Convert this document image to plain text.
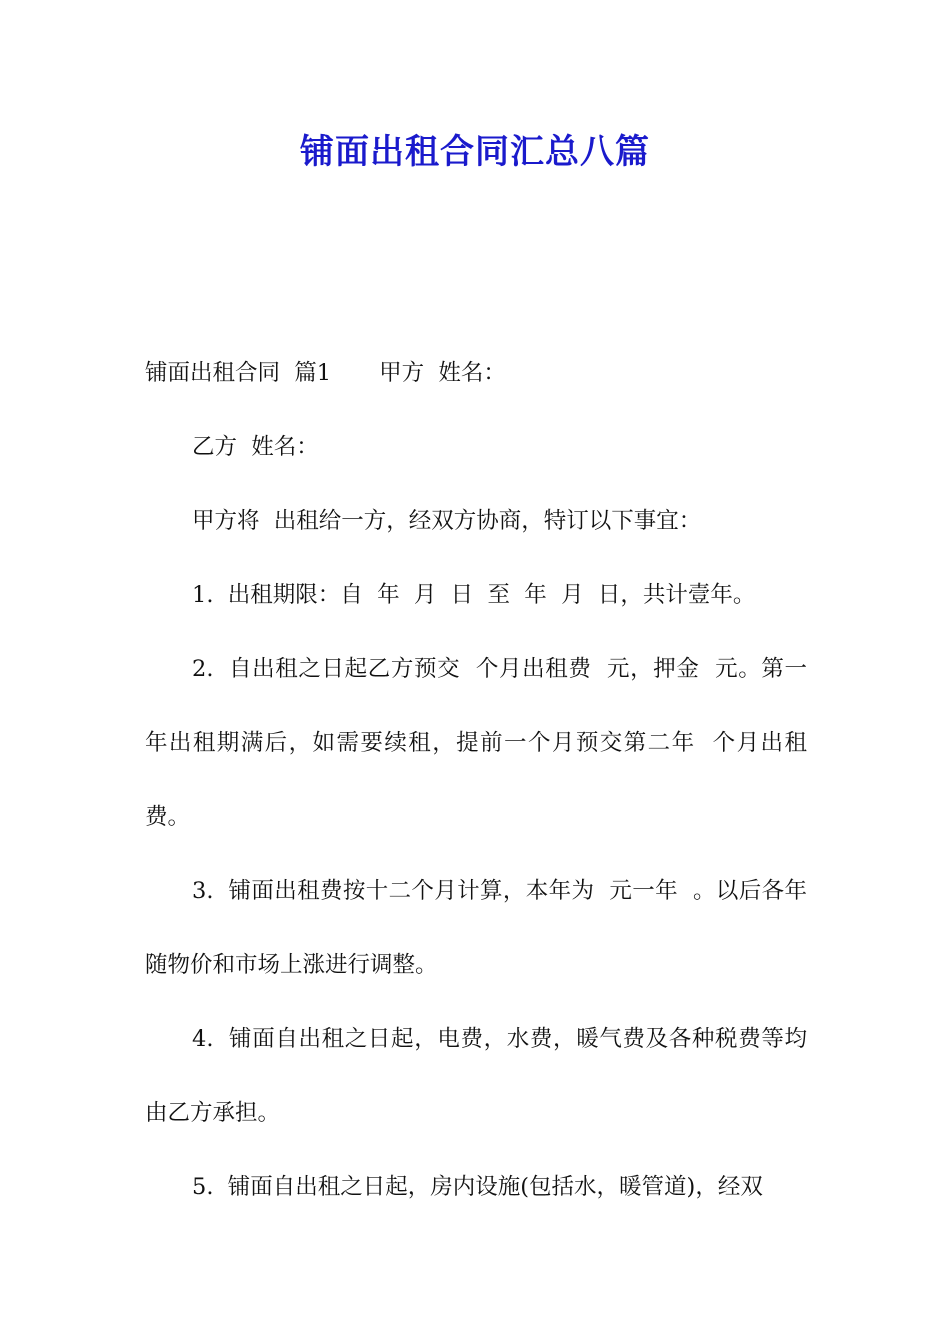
铺面出租合同汇总八篇

铺面出租合同  篇1 甲方  姓名：

乙方  姓名：

甲方将  出租给一方，经双方协商，特订以下事宜：

1.  出租期限：自  年  月  日  至  年  月  日，共计壹年。

2.  自出租之日起乙方预交  个月出租费  元，押金  元。第一年出租期满后，如需要续租，提前一个月预交第二年  个月出租费。

3.  铺面出租费按十二个月计算，本年为  元一年  。以后各年随物价和市场上涨进行调整。

4.  铺面自出租之日起，电费，水费，暖气费及各种税费等均由乙方承担。

5.  铺面自出租之日起，房内设施(包括水，暖管道)，经双
